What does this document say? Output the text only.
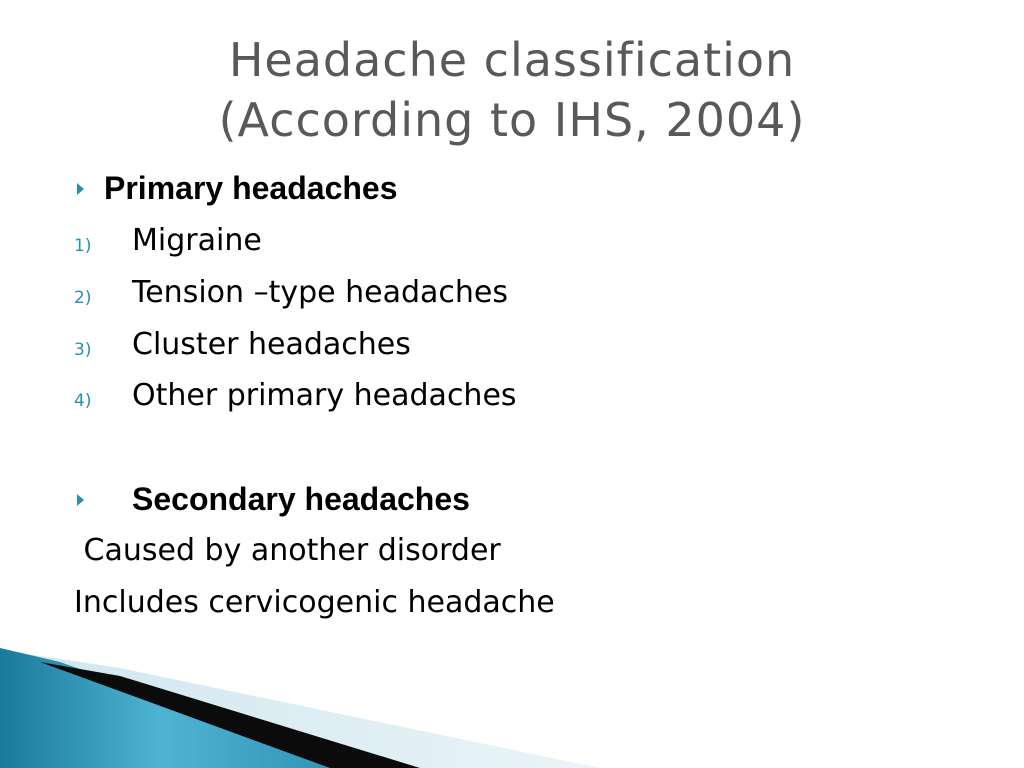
Headache classification
(According to IHS, 2004)
Primary headaches
1) Migraine
2) Tension –type headaches
3) Cluster headaches
4) Other primary headaches
Secondary headaches
Caused by another disorder
Includes cervicogenic headache
